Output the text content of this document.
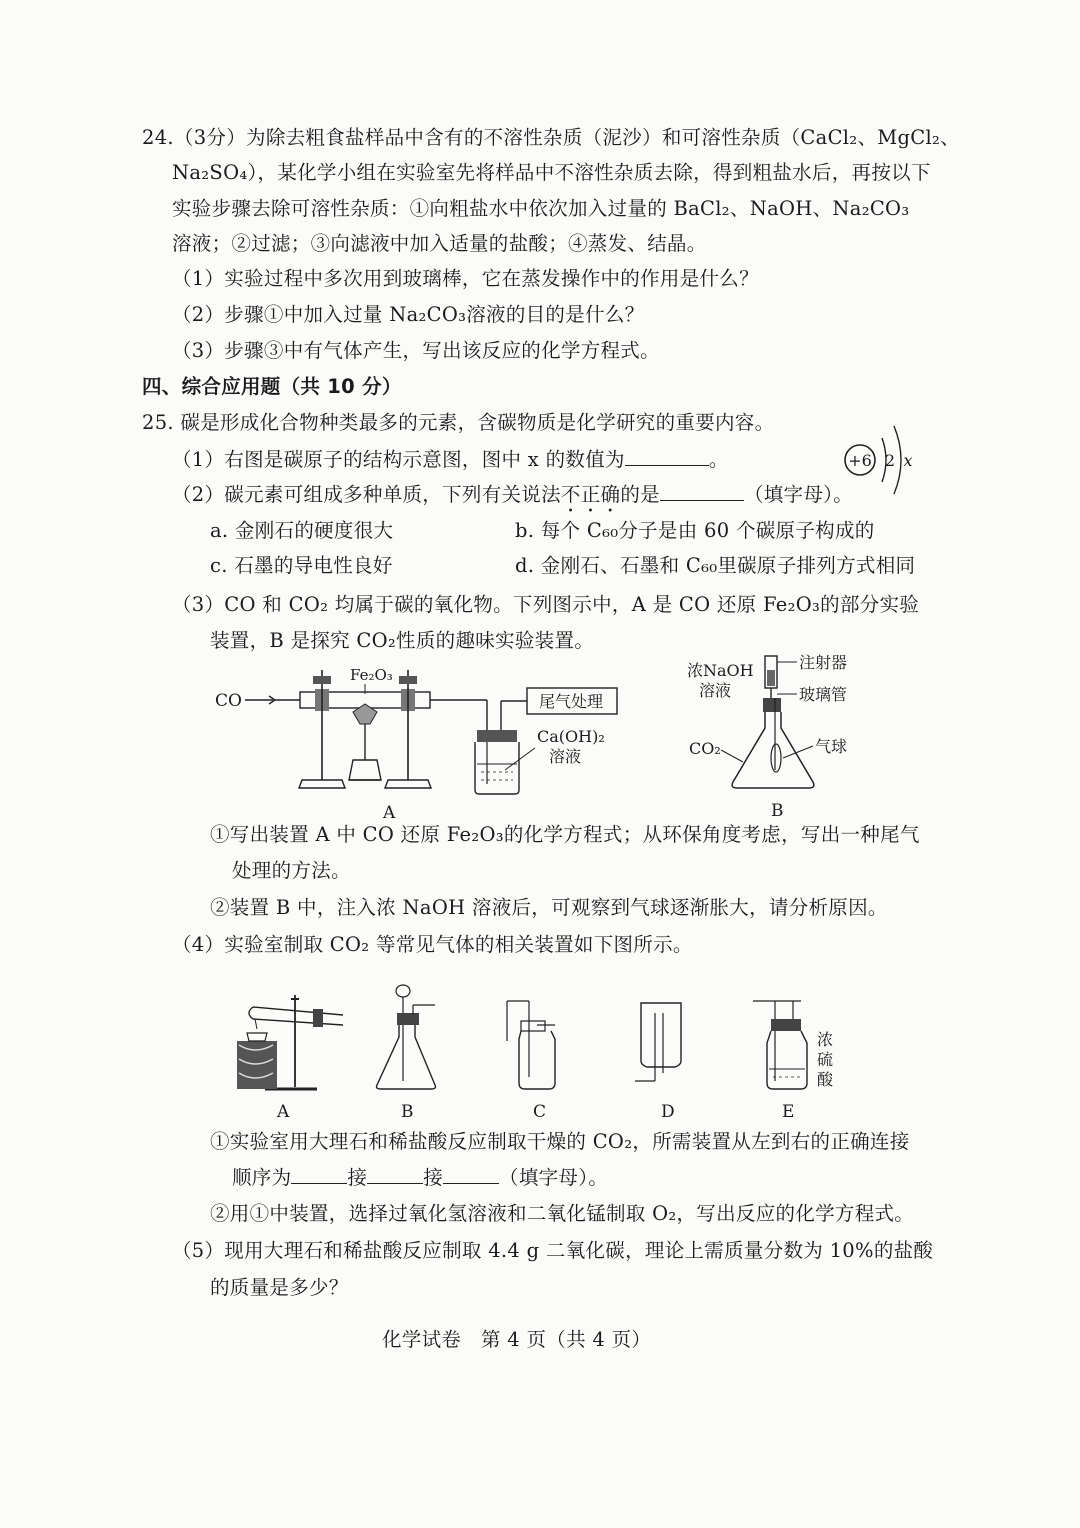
24.（3分）为除去粗食盐样品中含有的不溶性杂质（泥沙）和可溶性杂质（CaCl₂、MgCl₂、
Na₂SO₄），某化学小组在实验室先将样品中不溶性杂质去除，得到粗盐水后，再按以下
实验步骤去除可溶性杂质：①向粗盐水中依次加入过量的 BaCl₂、NaOH、Na₂CO₃
溶液；②过滤；③向滤液中加入适量的盐酸；④蒸发、结晶。
（1）实验过程中多次用到玻璃棒，它在蒸发操作中的作用是什么？
（2）步骤①中加入过量 Na₂CO₃溶液的目的是什么？
（3）步骤③中有气体产生，写出该反应的化学方程式。
四、综合应用题（共 10 分）
25. 碳是形成化合物种类最多的元素，含碳物质是化学研究的重要内容。
（1）右图是碳原子的结构示意图，图中 x 的数值为	。	+6 2 x
（2）碳元素可组成多种单质，下列有关说法不正确的是	（填字母）。
a. 金刚石的硬度很大	b. 每个 C₆₀分子是由 60 个碳原子构成的
c. 石墨的导电性良好	d. 金刚石、石墨和 C₆₀里碳原子排列方式相同
（3）CO 和 CO₂ 均属于碳的氧化物。下列图示中，A 是 CO 还原 Fe₂O₃的部分实验
装置，B 是探究 CO₂性质的趣味实验装置。
CO
Fe₂O₃
尾气处理
Ca(OH)₂
溶液
A
浓NaOH
溶液
注射器
玻璃管
CO₂	气球
B
①写出装置 A 中 CO 还原 Fe₂O₃的化学方程式；从环保角度考虑，写出一种尾气
处理的方法。
②装置 B 中，注入浓 NaOH 溶液后，可观察到气球逐渐胀大，请分析原因。
（4）实验室制取 CO₂ 等常见气体的相关装置如下图所示。
A	B	C	D
浓
硫
酸
E
①实验室用大理石和稀盐酸反应制取干燥的 CO₂，所需装置从左到右的正确连接
顺序为	接	接	（填字母）。
②用①中装置，选择过氧化氢溶液和二氧化锰制取 O₂，写出反应的化学方程式。
（5）现用大理石和稀盐酸反应制取 4.4 g 二氧化碳，理论上需质量分数为 10%的盐酸
的质量是多少？
化学试卷　第 4 页（共 4 页）
